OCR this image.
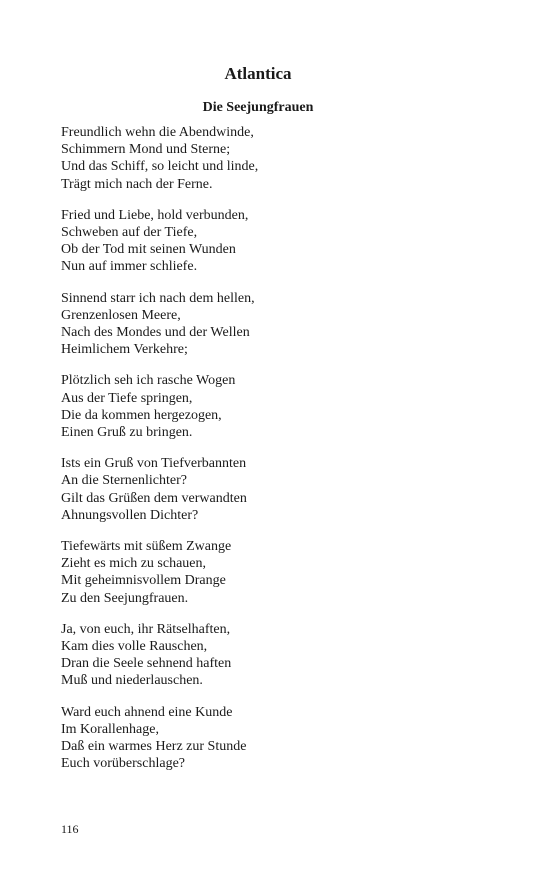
Atlantica
Die Seejungfrauen
Freundlich wehn die Abendwinde,
Schimmern Mond und Sterne;
Und das Schiff, so leicht und linde,
Trägt mich nach der Ferne.
Fried und Liebe, hold verbunden,
Schweben auf der Tiefe,
Ob der Tod mit seinen Wunden
Nun auf immer schliefe.
Sinnend starr ich nach dem hellen,
Grenzenlosen Meere,
Nach des Mondes und der Wellen
Heimlichem Verkehre;
Plötzlich seh ich rasche Wogen
Aus der Tiefe springen,
Die da kommen hergezogen,
Einen Gruß zu bringen.
Ists ein Gruß von Tiefverbannten
An die Sternenlichter?
Gilt das Grüßen dem verwandten
Ahnungsvollen Dichter?
Tiefewärts mit süßem Zwange
Zieht es mich zu schauen,
Mit geheimnisvollem Drange
Zu den Seejungfrauen.
Ja, von euch, ihr Rätselhaften,
Kam dies volle Rauschen,
Dran die Seele sehnend haften
Muß und niederlauschen.
Ward euch ahnend eine Kunde
Im Korallenhage,
Daß ein warmes Herz zur Stunde
Euch vorüberschlage?
116
